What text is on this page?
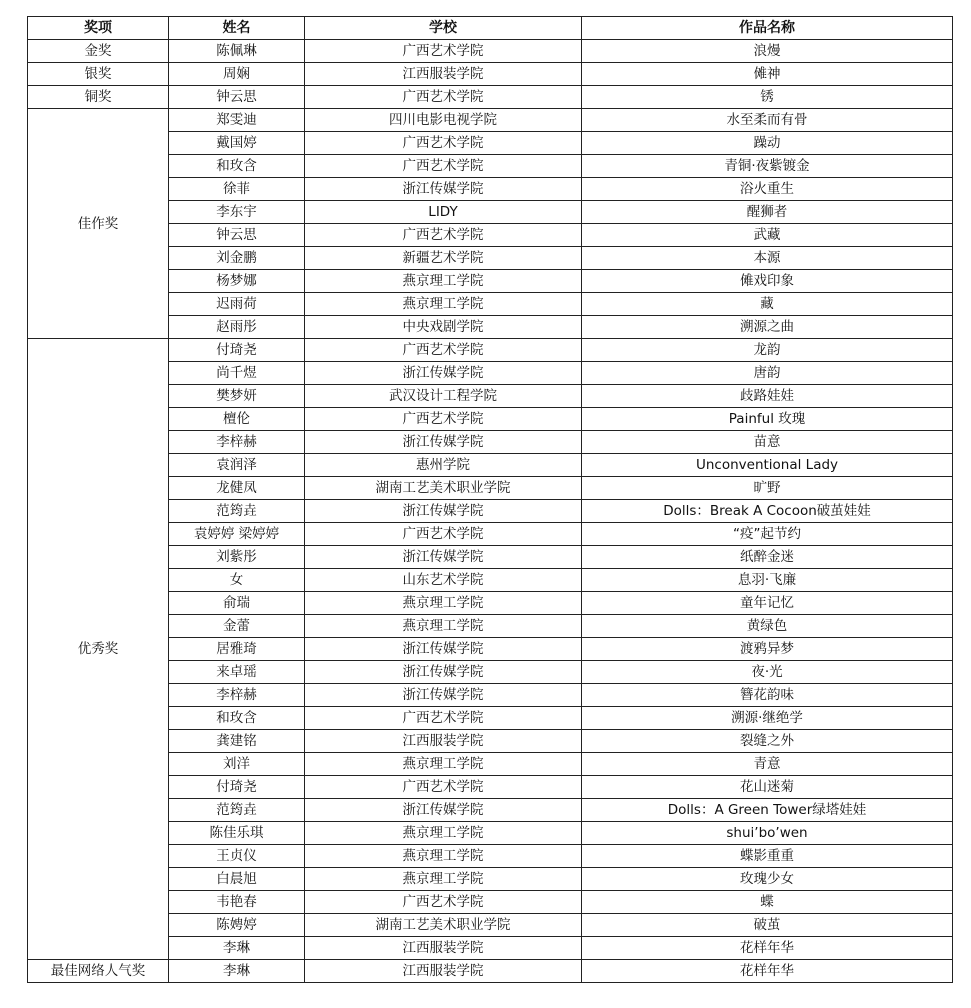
奖项	姓名	学校	作品名称
金奖	陈佩琳	广西艺术学院	浪熳
银奖	周娴	江西服装学院	傩神
铜奖	钟云思	广西艺术学院	锈
佳作奖	郑雯迪	四川电影电视学院	水至柔而有骨
	戴国婷	广西艺术学院	躁动
	和玫含	广西艺术学院	青铜·夜紫镀金
	徐菲	浙江传媒学院	浴火重生
	李东宇	LIDY	醒狮者
	钟云思	广西艺术学院	武藏
	刘金鹏	新疆艺术学院	本源
	杨梦娜	燕京理工学院	傩戏印象
	迟雨荷	燕京理工学院	藏
	赵雨彤	中央戏剧学院	溯源之曲
优秀奖	付琦尧	广西艺术学院	龙韵
	尚千煜	浙江传媒学院	唐韵
	樊梦妍	武汉设计工程学院	歧路娃娃
	檀伦	广西艺术学院	Painful 玫瑰
	李梓赫	浙江传媒学院	苗意
	袁润泽	惠州学院	Unconventional Lady
	龙健凤	湖南工艺美术职业学院	旷野
	范筠垚	浙江传媒学院	Dolls：Break A Cocoon破茧娃娃
	袁婷婷 梁婷婷	广西艺术学院	“疫”起节约
	刘紫彤	浙江传媒学院	纸醉金迷
	女	山东艺术学院	息羽·飞廉
	俞瑞	燕京理工学院	童年记忆
	金蕾	燕京理工学院	黄绿色
	居雅琦	浙江传媒学院	渡鸦异梦
	来卓瑶	浙江传媒学院	夜·光
	李梓赫	浙江传媒学院	簪花韵味
	和玫含	广西艺术学院	溯源·继绝学
	龚建铭	江西服装学院	裂缝之外
	刘洋	燕京理工学院	青意
	付琦尧	广西艺术学院	花山迷菊
	范筠垚	浙江传媒学院	Dolls：A Green Tower绿塔娃娃
	陈佳乐琪	燕京理工学院	shui’bo’wen
	王贞仪	燕京理工学院	蝶影重重
	白晨旭	燕京理工学院	玫瑰少女
	韦艳春	广西艺术学院	蝶
	陈娉婷	湖南工艺美术职业学院	破茧
	李琳	江西服装学院	花样年华
最佳网络人气奖	李琳	江西服装学院	花样年华
